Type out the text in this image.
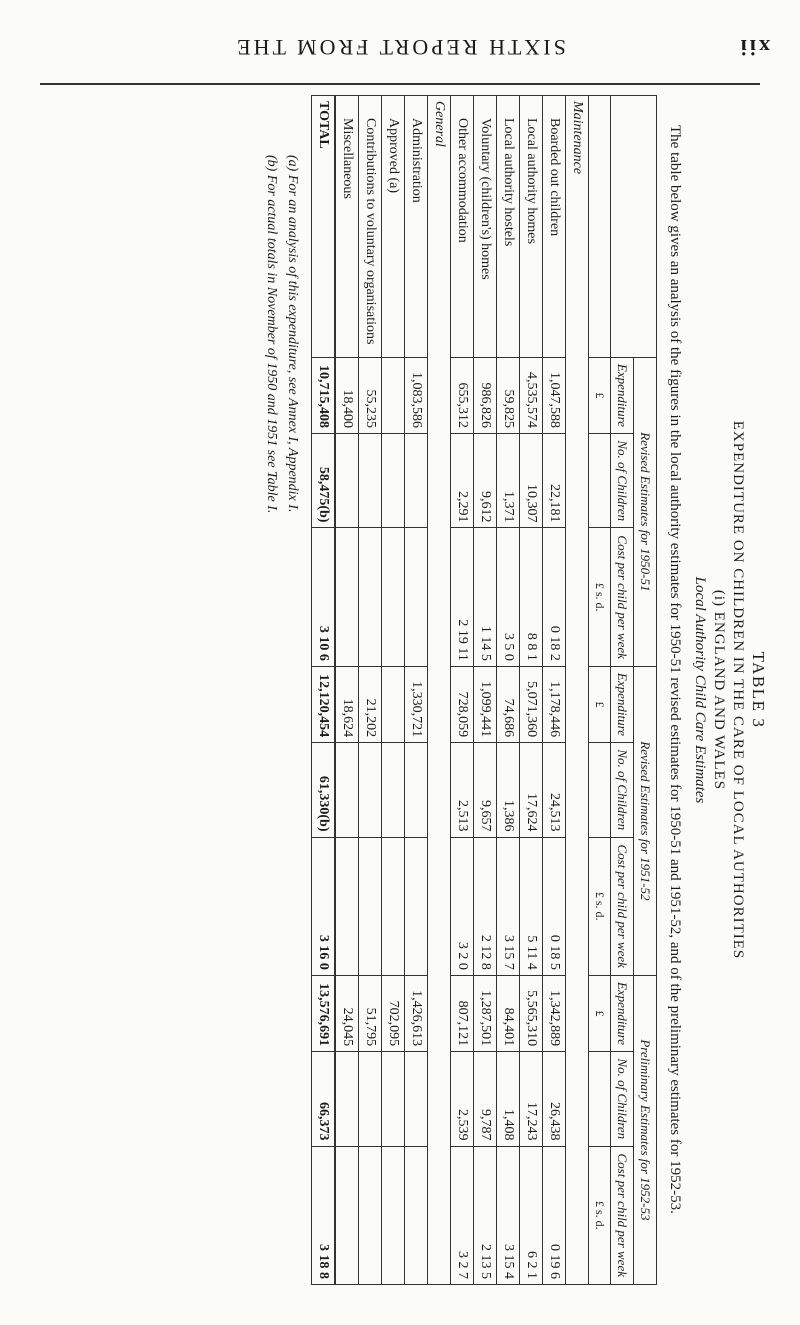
xii
SIXTH REPORT FROM THE
TABLE 3
EXPENDITURE ON CHILDREN IN THE CARE OF LOCAL AUTHORITIES
(i) ENGLAND AND WALES
Local Authority Child Care Estimates
The table below gives an analysis of the figures in the local authority estimates for 1950-51 revised estimates for 1950-51 and 1951-52, and of the preliminary estimates for 1952-53.
	Revised Estimates for 1950-51			Revised Estimates for 1951-52			Preliminary Estimates for 1952-53		
	Expenditure	No. of Children	Cost per child per week	Expenditure	No. of Children	Cost per child per week	Expenditure	No. of Children	Cost per child per week
	£		£ s. d.	£		£ s. d.	£		£ s. d.
Maintenance									
Boarded out children	1,047,588	22,181	0 18 2	1,178,446	24,513	0 18 5	1,342,889	26,438	0 19 6
Local authority homes	4,535,574	10,307	8 8 1	5,071,360	17,624	5 11 4	5,565,310	17,243	6 2 1
Local authority hostels	59,825	1,371	3 5 0	74,686	1,386	3 15 7	84,401	1,408	3 15 4
Voluntary (children's) homes	986,826	9,612	1 14 5	1,099,441	9,657	2 12 8	1,287,501	9,787	2 13 5
Other accommodation	655,312	2,291	2 19 11	728,059	2,513	3 2 0	807,121	2,539	3 2 7
General									
Administration	1,083,586			1,330,721			1,426,613		
Approved (a)							702,095		
Contributions to voluntary organisations	55,235			21,202			51,795		
Miscellaneous	18,400			18,624			24,045		
TOTAL	10,715,408	58,475(b)	3 10 6	12,120,454	61,330(b)	3 16 0	13,576,691	66,373	3 18 8
(a) For an analysis of this expenditure, see Annex I, Appendix I.
(b) For actual totals in November of 1950 and 1951 see Table I.
